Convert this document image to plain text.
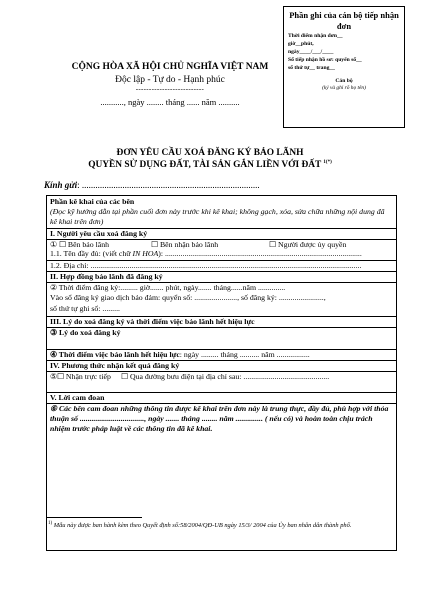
Phần ghi của cán bộ tiếp nhận đơn
Thời điểm nhận đơn__
giờ__phút,
ngày____/___/____
Số tiếp nhận hồ sơ: quyển số__
số thứ tự__ trang__
Cán bộ
(ký và ghi rõ họ tên)
CỘNG HÒA XÃ HỘI CHỦ NGHĨA VIỆT NAM
Độc lập - Tự do - Hạnh phúc
--------------------------
..........., ngày ........ tháng ...... năm ..........
ĐƠN YÊU CẦU XOÁ ĐĂNG KÝ BẢO LÃNH
QUYỀN SỬ DỤNG ĐẤT, TÀI SẢN GẮN LIỀN VỚI ĐẤT $^{1(*)}$
Kính gửi: ...............................................................................
Phần kê khai của các bên
(Đọc kỹ hướng dẫn tại phần cuối đơn này trước khi kê khai; không gạch, xóa, sửa chữa những nội dung đã kê khai trên đơn)
I. Người yêu cầu xoá đăng ký
① ☐ Bên bảo lãnh	☐ Bên nhận bảo lãnh	☐ Người được ủy quyền
1.1. Tên đầy đủ: (viết chữ IN HOA): .....................................................................................................
1.2. Địa chỉ: ...........................................................................................................................................
II. Hợp đồng bảo lãnh đã đăng ký
② Thời điểm đăng ký:......... giờ....... phút, ngày....... tháng......năm ..............
Vào sổ đăng ký giao dịch bảo đảm: quyển số: ......................, số đăng ký: .......................,
số thứ tự ghi sổ: .........
III. Lý do xoá đăng ký và thời điểm việc bảo lãnh hết hiệu lực
③ Lý do xoá đăng ký
④ Thời điểm việc bảo lãnh hết hiệu lực: ngày ......... tháng .......... năm .................
IV. Phương thức nhận kết quả đăng ký
⑤☐ Nhận trực tiếp ☐ Qua đường bưu điện tại địa chỉ sau: ............................................
V. Lời cam đoan
⑥ Các bên cam đoan những thông tin được kê khai trên đơn này là trung thực, đầy đủ, phù hợp với thỏa thuận số ................................., ngày ....... tháng ........ năm .............. ( nếu có) và hoàn toàn chịu trách nhiệm trước pháp luật về các thông tin đã kê khai.
$^{1)}$ Mẫu này được ban hành kèm theo Quyết định số:58/2004/QĐ-UB ngày 15/3/ 2004 của Ủy ban nhân dân thành phố.
